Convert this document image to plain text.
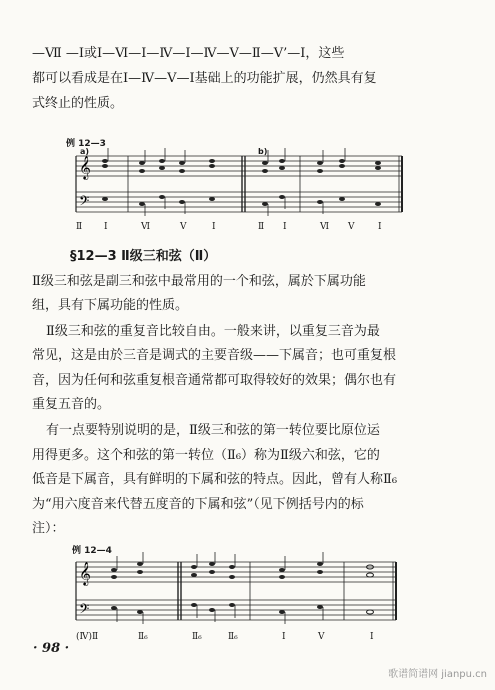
—Ⅶ —Ⅰ或Ⅰ—Ⅵ—Ⅰ—Ⅳ—Ⅰ—Ⅳ—Ⅴ—Ⅱ—Ⅴ’—Ⅰ，这些
都可以看成是在Ⅰ—Ⅳ—Ⅴ—Ⅰ基础上的功能扩展，仍然具有复
式终止的性质。
例 12—3
a)	b)
𝄞
𝄢
Ⅱ Ⅰ	Ⅵ	Ⅴ	Ⅰ	Ⅱ Ⅰ	Ⅵ Ⅴ	Ⅰ
§12—3 Ⅱ级三和弦（Ⅱ）
Ⅱ级三和弦是副三和弦中最常用的一个和弦，属於下属功能
组，具有下属功能的性质。
Ⅱ级三和弦的重复音比较自由。一般来讲，以重复三音为最
常见，这是由於三音是调式的主要音级——下属音；也可重复根
音，因为任何和弦重复根音通常都可取得较好的效果；偶尔也有
重复五音的。
有一点要特别说明的是，Ⅱ级三和弦的第一转位要比原位运
用得更多。这个和弦的第一转位（Ⅱ₆）称为Ⅱ级六和弦，它的
低音是下属音，具有鲜明的下属和弦的特点。因此，曾有人称Ⅱ₆
为“用六度音来代替五度音的下属和弦”（见下例括号内的标
注）：
例 12—4
𝄞
𝄢
(Ⅳ)Ⅱ	Ⅱ₆	Ⅱ₆	Ⅱ₆	Ⅰ	Ⅴ	Ⅰ
· 98 ·
歌谱简谱网 jianpu.cn
